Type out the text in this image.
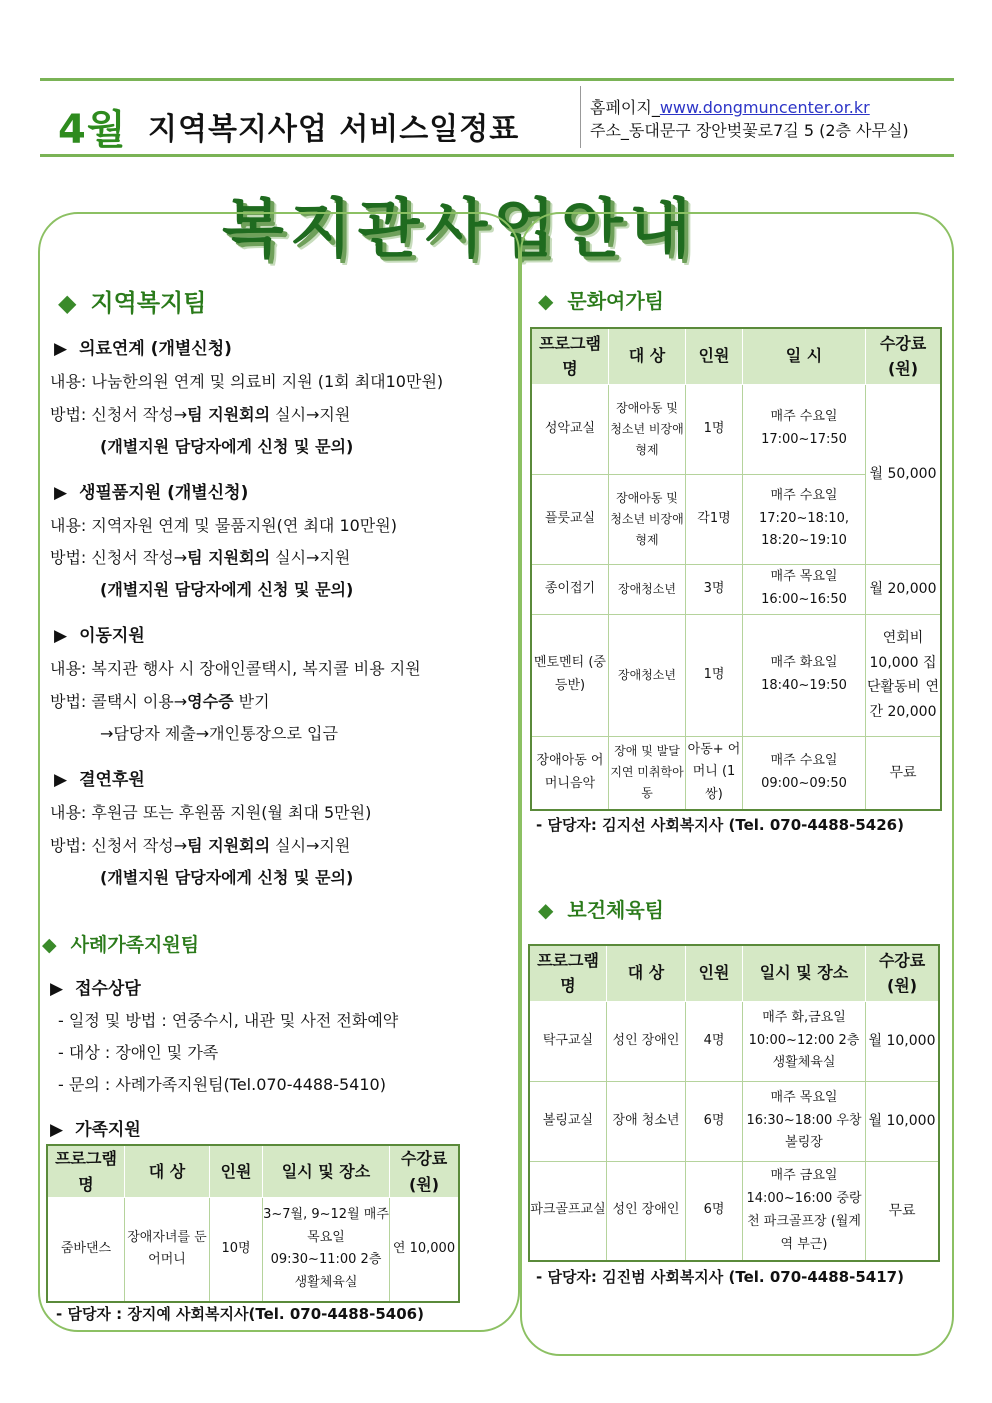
4월 지역복지사업 서비스일정표
홈페이지_www.dongmuncenter.or.kr
주소_동대문구 장안벚꽃로7길 5 (2층 사무실)
복지관사업안내
◆ 지역복지팀
▶ 의료연계 (개별신청)
내용: 나눔한의원 연계 및 의료비 지원 (1회 최대10만원)
방법: 신청서 작성→팀 지원회의 실시→지원
(개별지원 담당자에게 신청 및 문의)
▶ 생필품지원 (개별신청)
내용: 지역자원 연계 및 물품지원(연 최대 10만원)
방법: 신청서 작성→팀 지원회의 실시→지원
(개별지원 담당자에게 신청 및 문의)
▶ 이동지원
내용: 복지관 행사 시 장애인콜택시, 복지콜 비용 지원
방법: 콜택시 이용→영수증 받기
→담당자 제출→개인통장으로 입금
▶ 결연후원
내용: 후원금 또는 후원품 지원(월 최대 5만원)
방법: 신청서 작성→팀 지원회의 실시→지원
(개별지원 담당자에게 신청 및 문의)
◆ 사례가족지원팀
▶ 접수상담
- 일정 및 방법 : 연중수시, 내관 및 사전 전화예약
- 대상 : 장애인 및 가족
- 문의 : 사례가족지원팀(Tel.070-4488-5410)
▶ 가족지원
프로그램명	대 상	인원	일시 및 장소	수강료(원)
줌바댄스	장애자녀를 둔 어머니	10명	3~7월, 9~12월 매주 목요일 09:30~11:00 2층 생활체육실	연 10,000
- 담당자 : 장지예 사회복지사(Tel. 070-4488-5406)
◆ 문화여가팀
프로그램명	대 상	인원	일 시	수강료(원)
성악교실	장애아동 및 청소년 비장애 형제	1명	매주 수요일 17:00~17:50	월 50,000
플룻교실	장애아동 및 청소년 비장애 형제	각1명	매주 수요일 17:20~18:10, 18:20~19:10	
종이접기	장애청소년	3명	매주 목요일 16:00~16:50	월 20,000
멘토멘티 (중등반)	장애청소년	1명	매주 화요일 18:40~19:50	연회비 10,000 집단활동비 연간 20,000
장애아동 어머니음악	장애 및 발달지연 미취학아동	아동+ 어머니 (1쌍)	매주 수요일 09:00~09:50	무료
- 담당자: 김지선 사회복지사 (Tel. 070-4488-5426)
◆ 보건체육팀
프로그램명	대 상	인원	일시 및 장소	수강료(원)
탁구교실	성인 장애인	4명	매주 화,금요일 10:00~12:00 2층 생활체육실	월 10,000
볼링교실	장애 청소년	6명	매주 목요일 16:30~18:00 우창볼링장	월 10,000
파크골프교실	성인 장애인	6명	매주 금요일 14:00~16:00 중랑천 파크골프장 (월계역 부근)	무료
- 담당자: 김진범 사회복지사 (Tel. 070-4488-5417)
